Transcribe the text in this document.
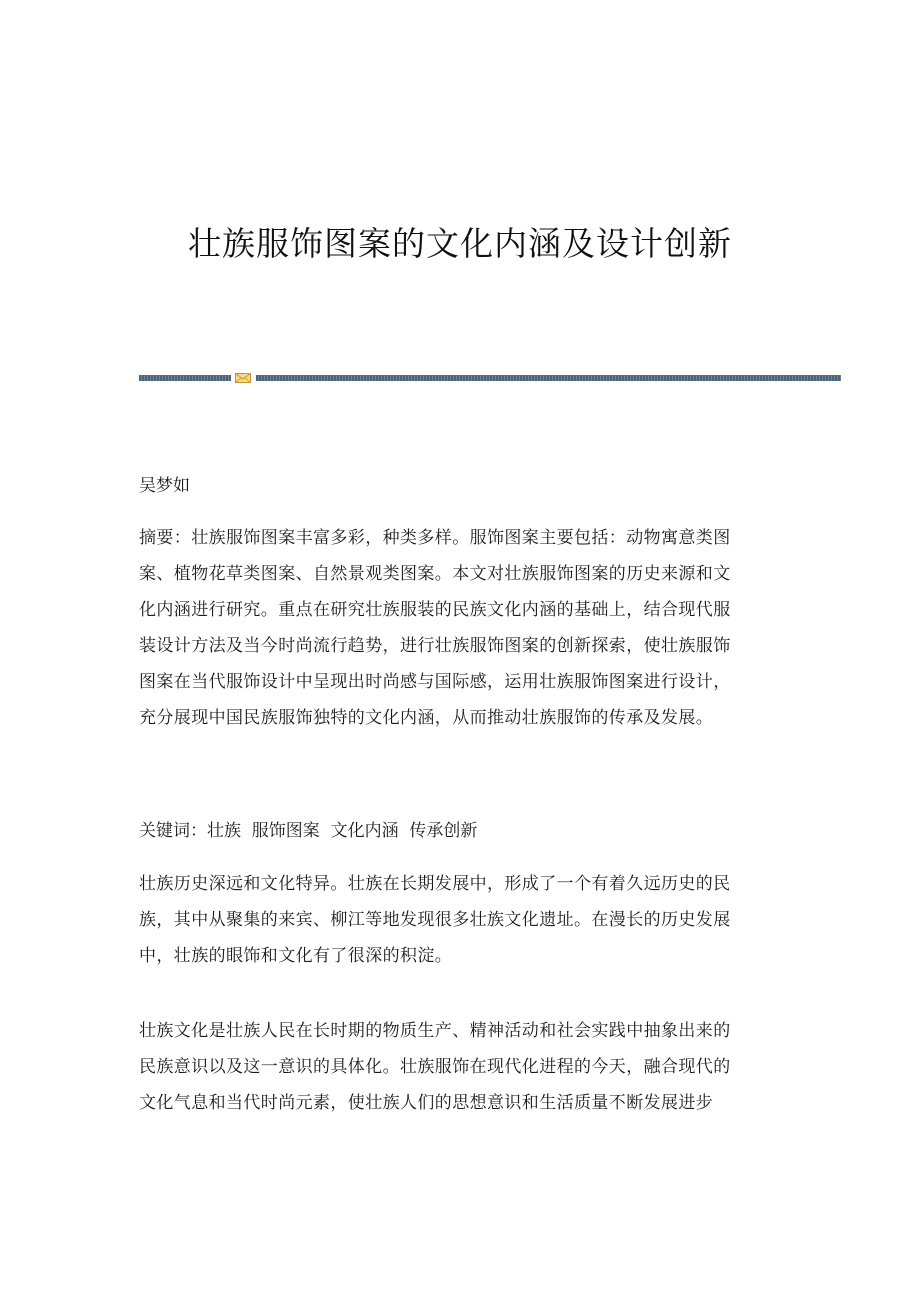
壮族服饰图案的文化内涵及设计创新
吴梦如
摘要：壮族服饰图案丰富多彩，种类多样。服饰图案主要包括：动物寓意类图
案、植物花草类图案、自然景观类图案。本文对壮族服饰图案的历史来源和文
化内涵进行研究。重点在研究壮族服装的民族文化内涵的基础上，结合现代服
装设计方法及当今时尚流行趋势，进行壮族服饰图案的创新探索，使壮族服饰
图案在当代服饰设计中呈现出时尚感与国际感，运用壮族服饰图案进行设计，
充分展现中国民族服饰独特的文化内涵，从而推动壮族服饰的传承及发展。
关键词：壮族  服饰图案  文化内涵  传承创新
壮族历史深远和文化特异。壮族在长期发展中，形成了一个有着久远历史的民
族，其中从聚集的来宾、柳江等地发现很多壮族文化遗址。在漫长的历史发展
中，壮族的眼饰和文化有了很深的积淀。
壮族文化是壮族人民在长时期的物质生产、精神活动和社会实践中抽象出来的
民族意识以及这一意识的具体化。壮族服饰在现代化进程的今天，融合现代的
文化气息和当代时尚元素，使壮族人们的思想意识和生活质量不断发展进步
